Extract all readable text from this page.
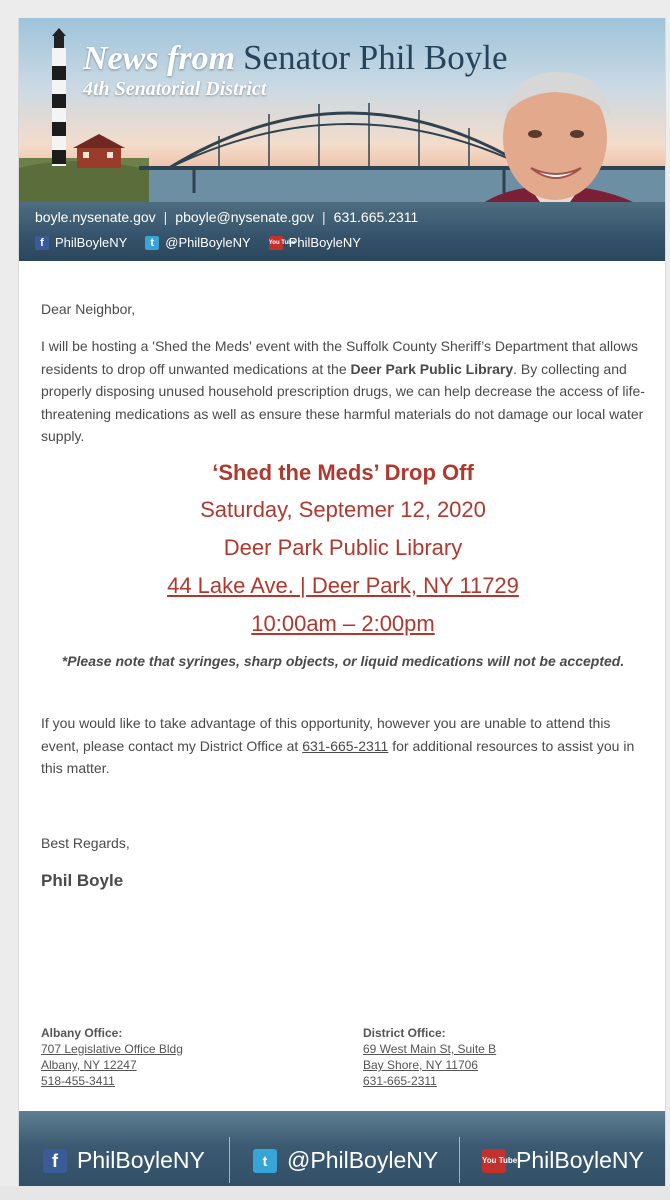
News from Senator Phil Boyle
4th Senatorial District
boyle.nysenate.gov | pboyle@nysenate.gov | 631.665.2311
f PhilBoyleNY	t @PhilBoyleNY	You Tube
PhilBoyleNY
Dear Neighbor,
I will be hosting a 'Shed the Meds' event with the Suffolk County Sheriff’s Department that allows residents to drop off unwanted medications at the Deer Park Public Library. By collecting and properly disposing unused household prescription drugs, we can help decrease the access of life-threatening medications as well as ensure these harmful materials do not damage our local water supply.
‘Shed the Meds’ Drop Off
Saturday, Septemer 12, 2020
Deer Park Public Library
44 Lake Ave. | Deer Park, NY 11729
10:00am – 2:00pm
*Please note that syringes, sharp objects, or liquid medications will not be accepted.
If you would like to take advantage of this opportunity, however you are unable to attend this event, please contact my District Office at 631-665-2311 for additional resources to assist you in this matter.
Best Regards,
Phil Boyle
Albany Office:
707 Legislative Office Bldg
Albany, NY 12247
518-455-3411
District Office:
69 West Main St, Suite B
Bay Shore, NY 11706
631-665-2311
f PhilBoyleNY	t @PhilBoyleNY	You Tube
PhilBoyleNY
